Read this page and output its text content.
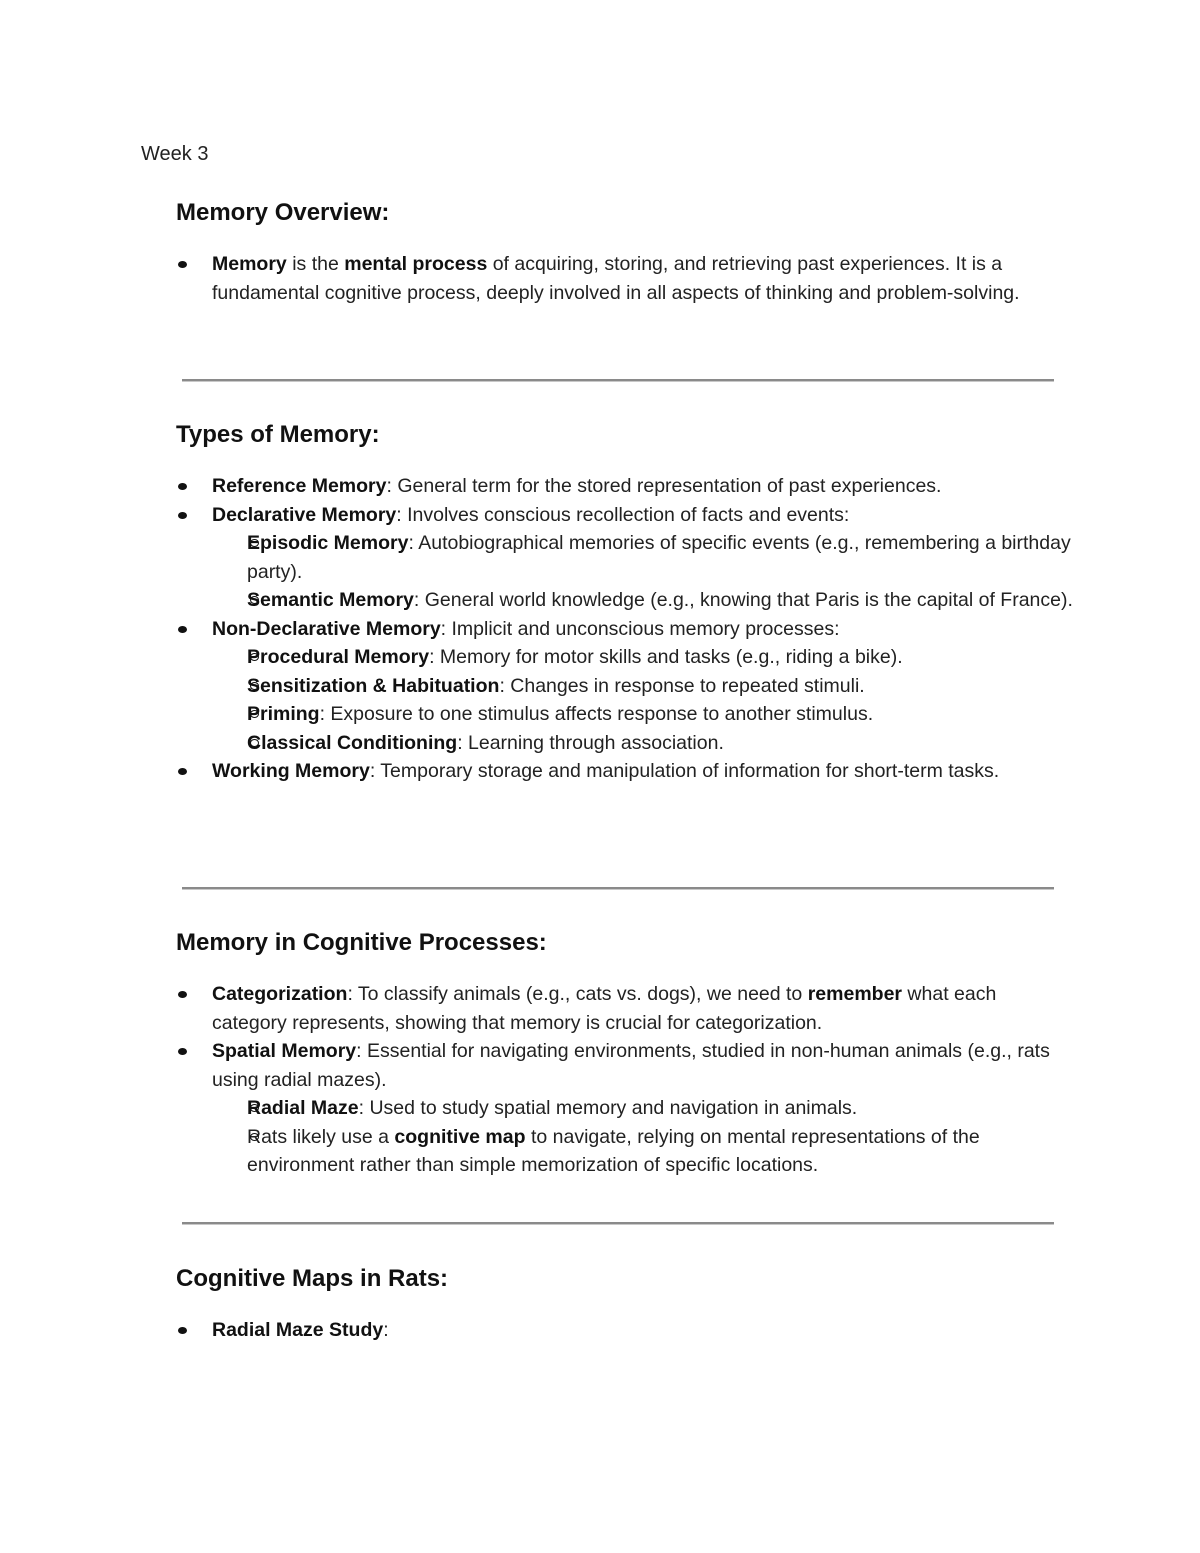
Week 3
Memory Overview:
Memory is the mental process of acquiring, storing, and retrieving past experiences. It is a fundamental cognitive process, deeply involved in all aspects of thinking and problem-solving.
Types of Memory:
Reference Memory: General term for the stored representation of past experiences.
Declarative Memory: Involves conscious recollection of facts and events:
Episodic Memory: Autobiographical memories of specific events (e.g., remembering a birthday party).
Semantic Memory: General world knowledge (e.g., knowing that Paris is the capital of France).
Non-Declarative Memory: Implicit and unconscious memory processes:
Procedural Memory: Memory for motor skills and tasks (e.g., riding a bike).
Sensitization & Habituation: Changes in response to repeated stimuli.
Priming: Exposure to one stimulus affects response to another stimulus.
Classical Conditioning: Learning through association.
Working Memory: Temporary storage and manipulation of information for short-term tasks.
Memory in Cognitive Processes:
Categorization: To classify animals (e.g., cats vs. dogs), we need to remember what each category represents, showing that memory is crucial for categorization.
Spatial Memory: Essential for navigating environments, studied in non-human animals (e.g., rats using radial mazes).
Radial Maze: Used to study spatial memory and navigation in animals.
Rats likely use a cognitive map to navigate, relying on mental representations of the environment rather than simple memorization of specific locations.
Cognitive Maps in Rats:
Radial Maze Study:
